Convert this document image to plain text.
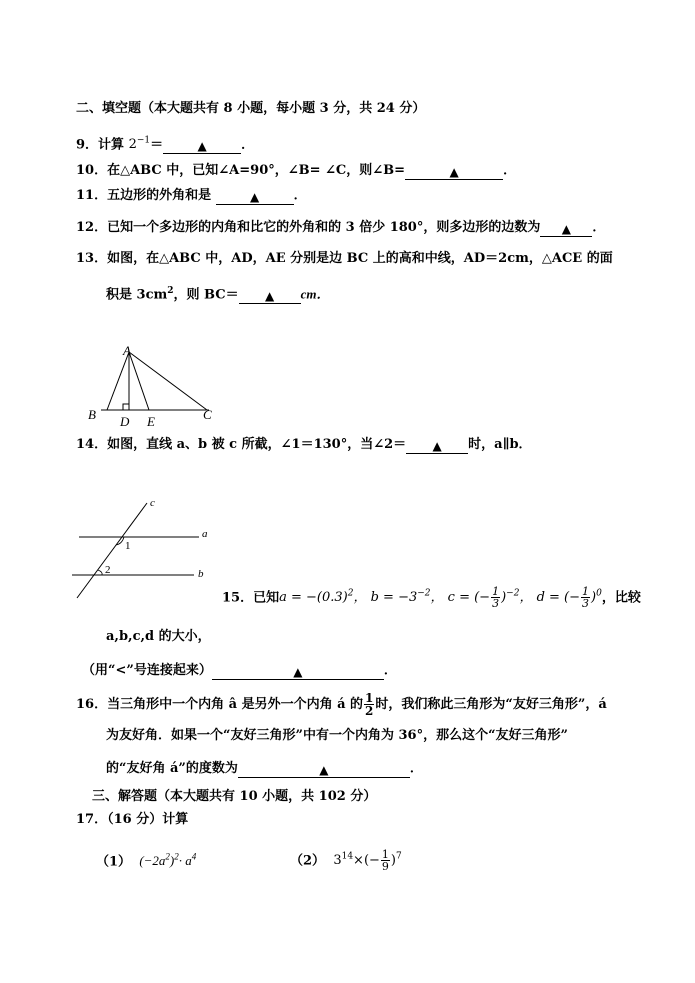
二、填空题（本大题共有 8 小题，每小题 3 分，共 24 分）
9．计算 $2^{-1}=$	▲	．
10．在△ABC 中，已知∠A=90°，∠B= ∠C，则∠B=	▲	．
11．五边形的外角和是	▲	．
12．已知一个多边形的内角和比它的外角和的 3 倍少 180°，则多边形的边数为 ▲ ．
13．如图，在△ABC 中，AD，AE 分别是边 BC 上的高和中线，AD＝2cm，△ACE 的面
积是 $3cm^2$，则 BC＝ ▲ cm．
A
B	C
D E
14．如图，直线 a、b 被 c 所截，∠1＝130°，当∠2＝ ▲ 时，a∥b．
c
a
b
1
2
15．已知$a = -(0.3)^2$， $b = -3^{-2}$， c = (− $\frac{1}{3} )^{-2}$， d = (− $\frac{1}{3} )^0$，比较
a,b,c,d 的大小，
（用“<”号连接起来）	▲	．
16．当三角形中一个内角 â 是另外一个内角 á 的 $\frac{1}{2}$ 时，我们称此三角形为“友好三角形”，á
为友好角．如果一个“友好三角形”中有一个内角为 36°，那么这个“友好三角形”
的“友好角 á”的度数为	▲	．
三、解答题（本大题共有 10 小题，共 102 分）
17．（16 分）计算
（1） $(-2a^2)^2\cdot a^4$	（2） $3^{14}\times(- \frac{1}{9} )^7$
